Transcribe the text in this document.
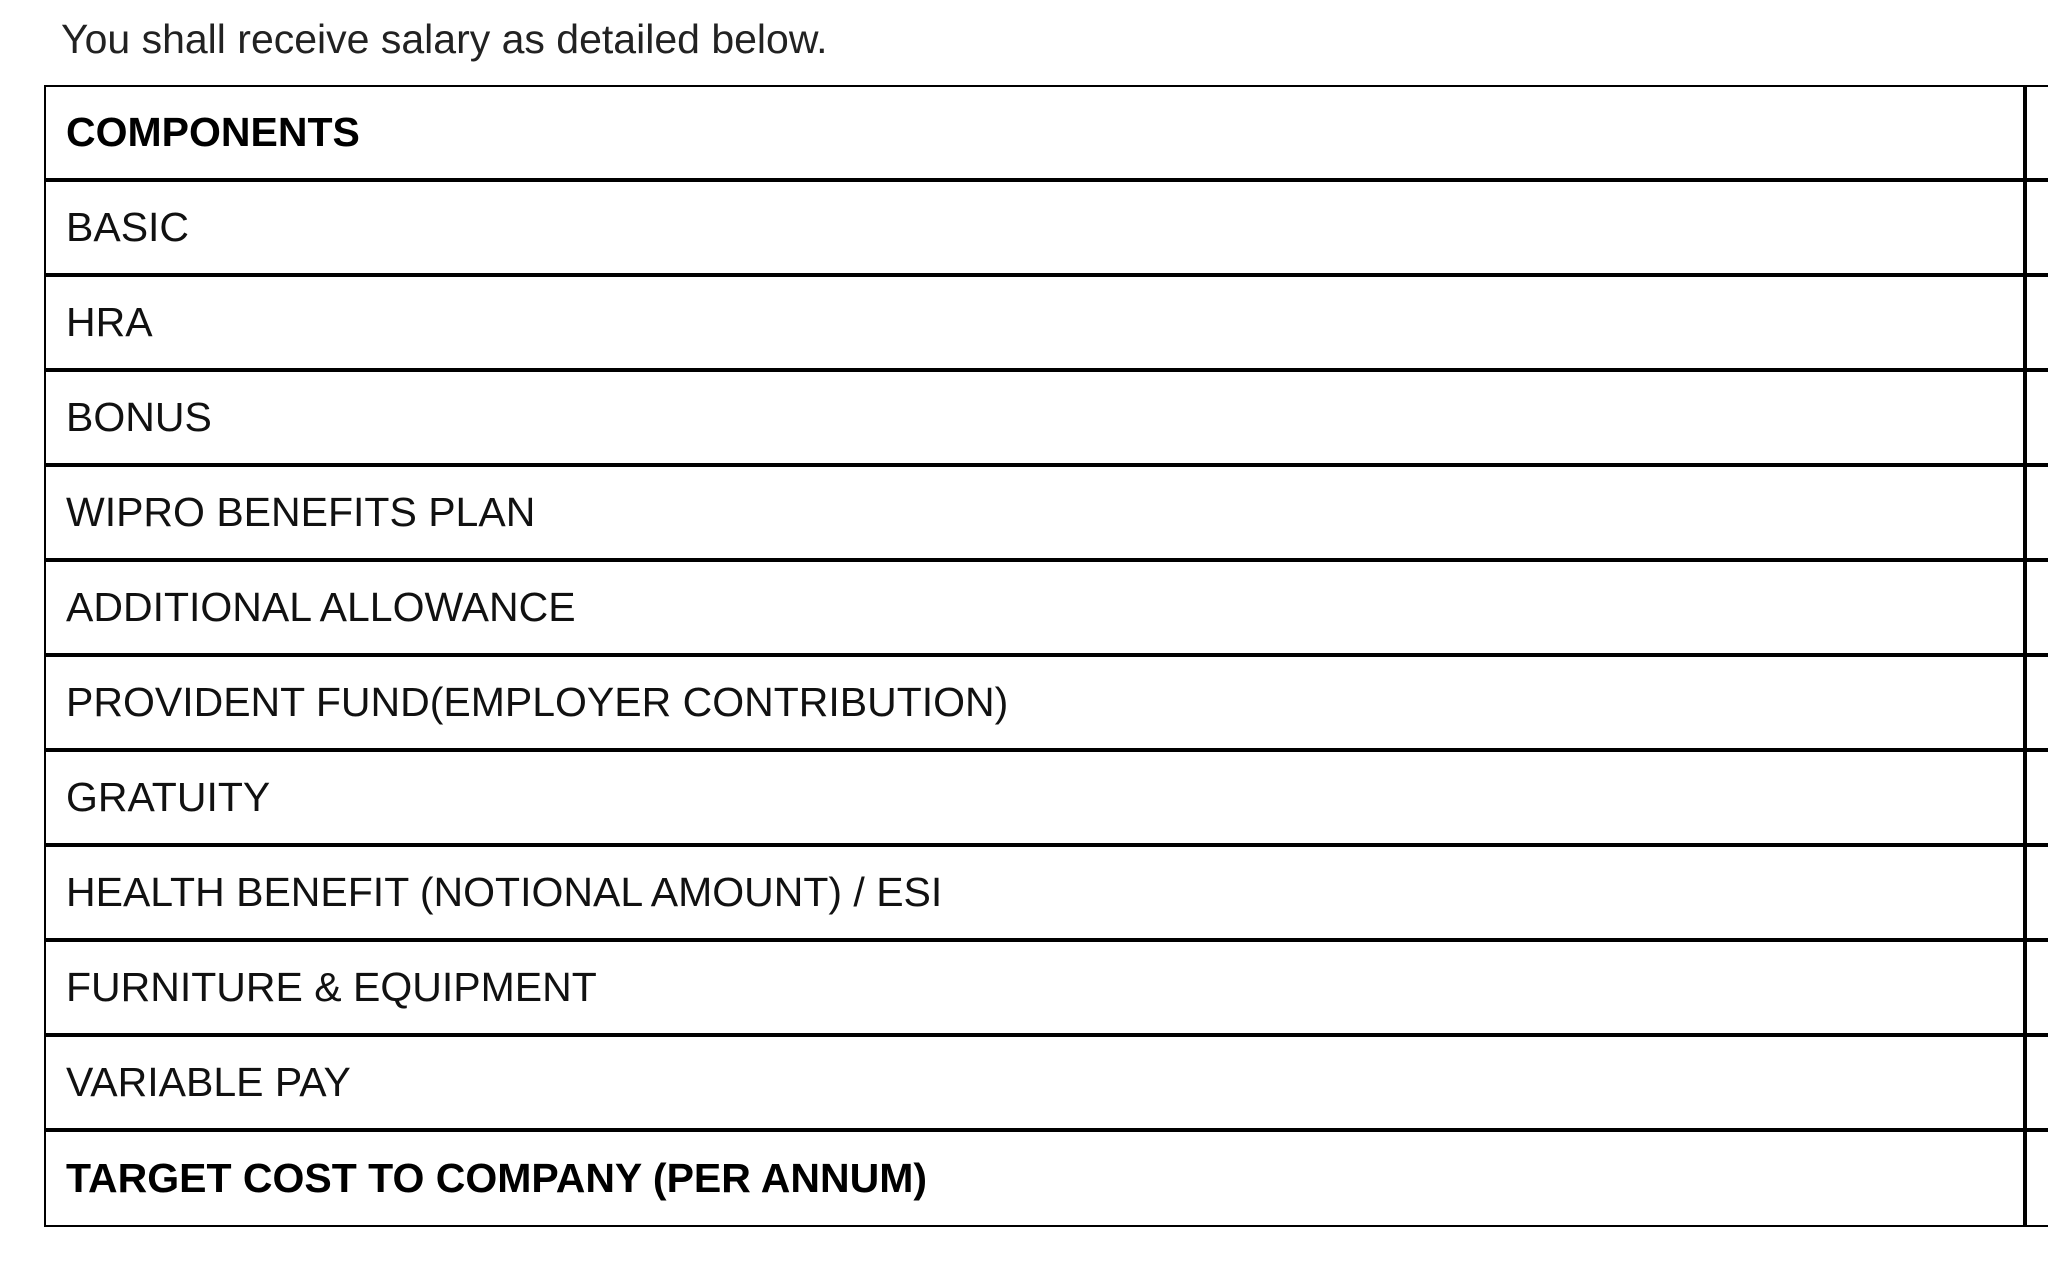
You shall receive salary as detailed below.
COMPONENTS	
BASIC	
HRA	
BONUS	
WIPRO BENEFITS PLAN	
ADDITIONAL ALLOWANCE	
PROVIDENT FUND(EMPLOYER CONTRIBUTION)	
GRATUITY	
HEALTH BENEFIT (NOTIONAL AMOUNT) / ESI	
FURNITURE & EQUIPMENT	
VARIABLE PAY	
TARGET COST TO COMPANY (PER ANNUM)	
